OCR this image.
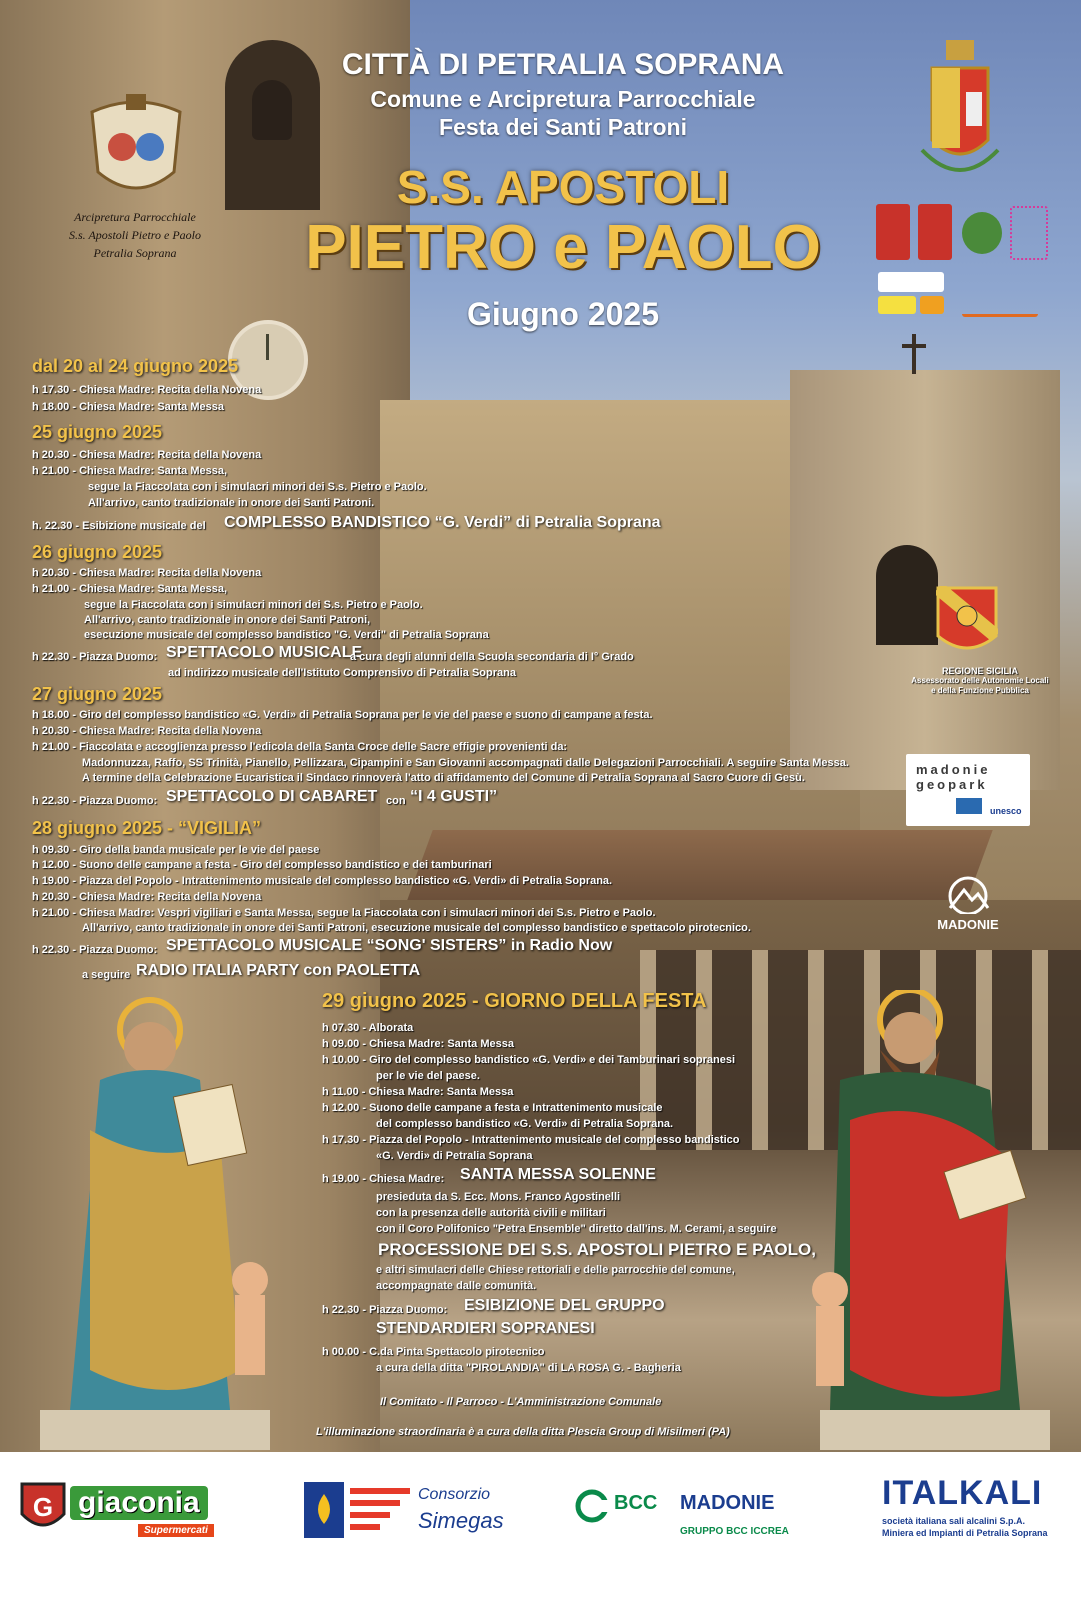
Arcipretura Parrocchiale
S.s. Apostoli Pietro e Paolo
Petralia Soprana
CITTÀ DI PETRALIA SOPRANA
Comune e Arcipretura Parrocchiale
Festa dei Santi Patroni
S.S. APOSTOLI
PIETRO e PAOLO
Giugno 2025
REGIONE SICILIA
Assessorato delle Autonomie Locali
e della Funzione Pubblica
madonie geopark
unesco
MADONIE
dal 20 al 24 giugno 2025
h 17.30 - Chiesa Madre: Recita della Novena
h 18.00 - Chiesa Madre: Santa Messa
25 giugno 2025
h 20.30 - Chiesa Madre: Recita della Novena
h 21.00 - Chiesa Madre: Santa Messa,
segue la Fiaccolata con i simulacri minori dei S.s. Pietro e Paolo.
All'arrivo, canto tradizionale in onore dei Santi Patroni.
h. 22.30 - Esibizione musicale del COMPLESSO BANDISTICO “G. Verdi” di Petralia Soprana
26 giugno 2025
h 20.30 - Chiesa Madre: Recita della Novena
h 21.00 - Chiesa Madre: Santa Messa,
segue la Fiaccolata con i simulacri minori dei S.s. Pietro e Paolo.
All'arrivo, canto tradizionale in onore dei Santi Patroni,
esecuzione musicale del complesso bandistico "G. Verdi" di Petralia Soprana
h 22.30 - Piazza Duomo: SPETTACOLO MUSICALE
a cura degli alunni della Scuola secondaria di I° Grado
ad indirizzo musicale dell'Istituto Comprensivo di Petralia Soprana
27 giugno 2025
h 18.00 - Giro del complesso bandistico «G. Verdi» di Petralia Soprana per le vie del paese e suono di campane a festa.
h 20.30 - Chiesa Madre: Recita della Novena
h 21.00 - Fiaccolata e accoglienza presso l'edicola della Santa Croce delle Sacre effigie provenienti da:
Madonnuzza, Raffo, SS Trinità, Pianello, Pellizzara, Cipampini e San Giovanni accompagnati dalle Delegazioni Parrocchiali. A seguire Santa Messa.
A termine della Celebrazione Eucaristica il Sindaco rinnoverà l'atto di affidamento del Comune di Petralia Soprana al Sacro Cuore di Gesù.
h 22.30 - Piazza Duomo: SPETTACOLO DI CABARET con “I 4 GUSTI”
28 giugno 2025 - “VIGILIA”
h 09.30 - Giro della banda musicale per le vie del paese
h 12.00 - Suono delle campane a festa - Giro del complesso bandistico e dei tamburinari
h 19.00 - Piazza del Popolo - Intrattenimento musicale del complesso bandistico «G. Verdi» di Petralia Soprana.
h 20.30 - Chiesa Madre: Recita della Novena
h 21.00 - Chiesa Madre: Vespri vigiliari e Santa Messa, segue la Fiaccolata con i simulacri minori dei S.s. Pietro e Paolo.
All'arrivo, canto tradizionale in onore dei Santi Patroni, esecuzione musicale del complesso bandistico e spettacolo pirotecnico.
h 22.30 - Piazza Duomo: SPETTACOLO MUSICALE “SONG' SISTERS” in Radio Now
a seguire RADIO ITALIA PARTY con PAOLETTA
29 giugno 2025 - GIORNO DELLA FESTA
h 07.30 - Alborata
h 09.00 - Chiesa Madre: Santa Messa
h 10.00 - Giro del complesso bandistico «G. Verdi» e dei Tamburinari sopranesi
per le vie del paese.
h 11.00 - Chiesa Madre: Santa Messa
h 12.00 - Suono delle campane a festa e Intrattenimento musicale
del complesso bandistico «G. Verdi» di Petralia Soprana.
h 17.30 - Piazza del Popolo - Intrattenimento musicale del complesso bandistico
«G. Verdi» di Petralia Soprana
h 19.00 - Chiesa Madre: SANTA MESSA SOLENNE
presieduta da S. Ecc. Mons. Franco Agostinelli
con la presenza delle autorità civili e militari
con il Coro Polifonico "Petra Ensemble" diretto dall'ins. M. Cerami, a seguire
PROCESSIONE DEI S.S. APOSTOLI PIETRO E PAOLO,
e altri simulacri delle Chiese rettoriali e delle parrocchie del comune,
accompagnate dalle comunità.
h 22.30 - Piazza Duomo: ESIBIZIONE DEL GRUPPO
STENDARDIERI SOPRANESI
h 00.00 - C.da Pinta Spettacolo pirotecnico
a cura della ditta "PIROLANDIA" di LA ROSA G. - Bagheria
Il Comitato - Il Parroco - L'Amministrazione Comunale
L'illuminazione straordinaria è a cura della ditta Plescia Group di Misilmeri (PA)
G giaconia
Supermercati
Consorzio
Simegas
BCC MADONIE
GRUPPO BCC ICCREA
ITALKALI
società italiana sali alcalini S.p.A.
Miniera ed Impianti di Petralia Soprana
